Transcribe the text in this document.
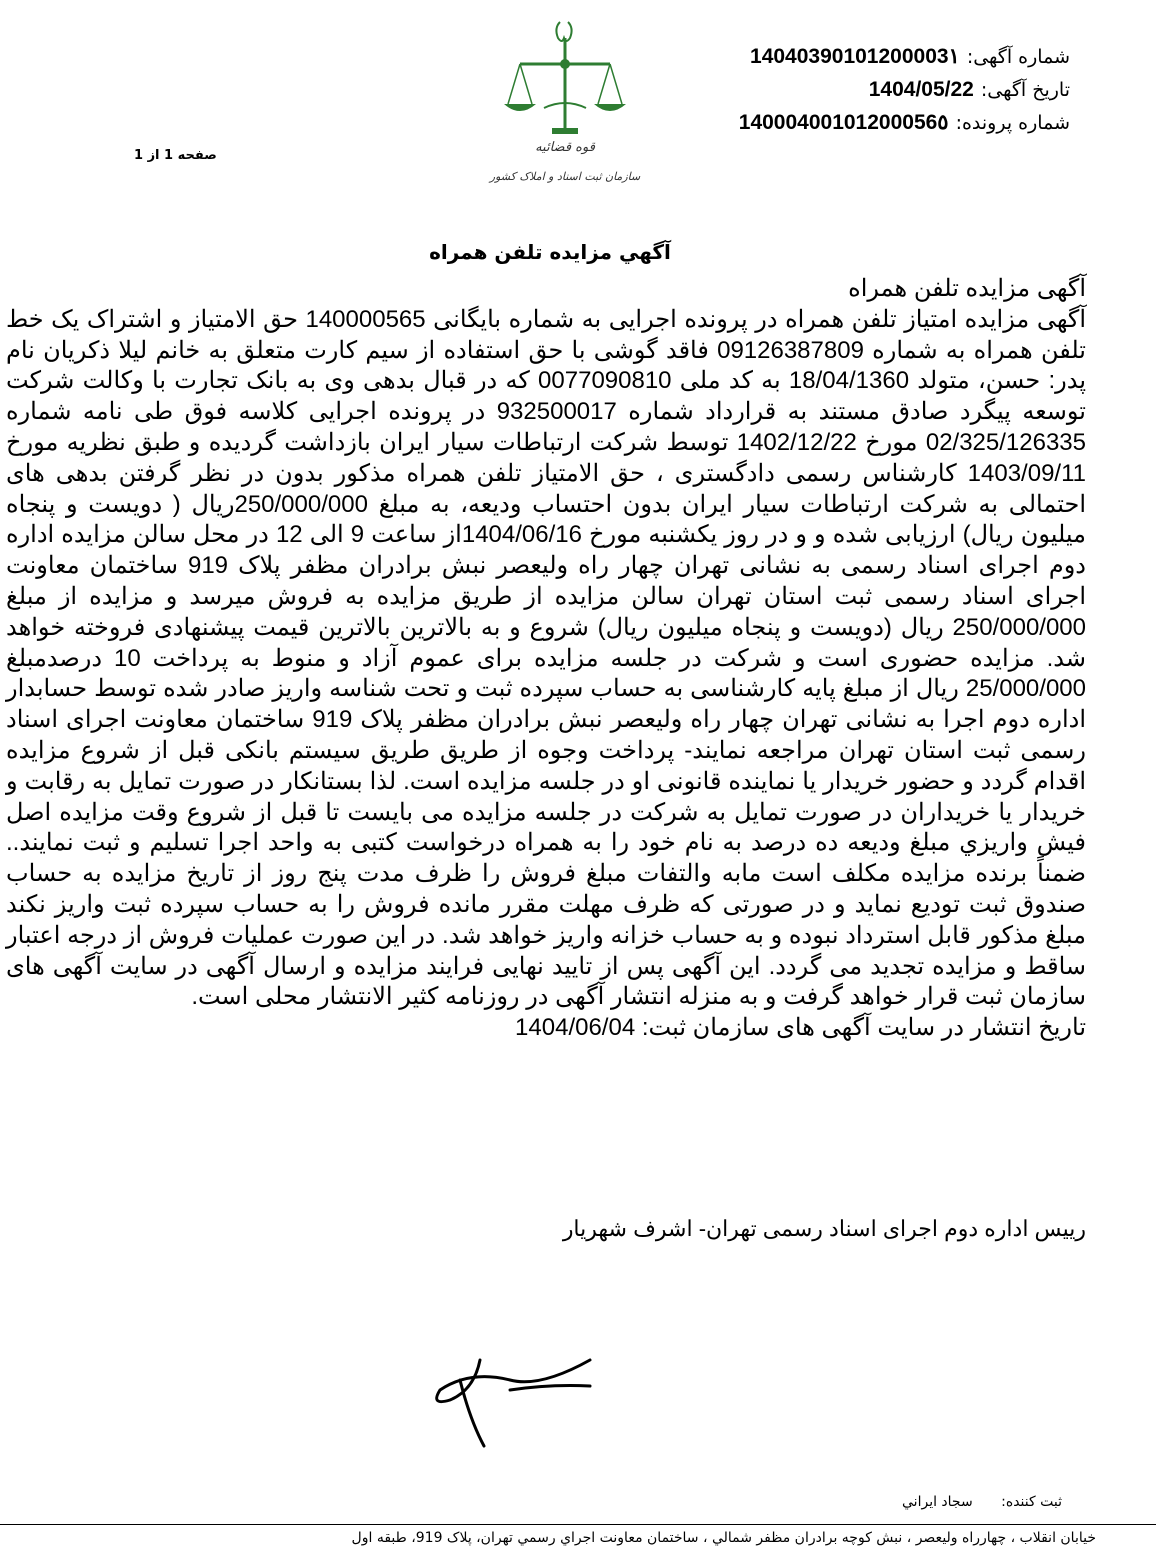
قوه قضائیه
سازمان ثبت اسناد و املاک کشور
شماره آگهی: 14040390101200003١
تاریخ آگهی: 1404/05/22
شماره پرونده: 14000400101200056٥
صفحه 1 از 1
آگهي مزايده تلفن همراه

آگهی مزایده تلفن همراه

آگهی مزایده امتیاز تلفن همراه در پرونده اجرایی به شماره بایگانی 140000565 حق الامتیاز و اشتراک یک خط تلفن همراه به شماره 09126387809 فاقد گوشی با حق استفاده از سیم کارت متعلق به خانم لیلا ذکریان نام پدر: حسن، متولد 18/04/1360 به کد ملی 0077090810 که در قبال بدهی وی به بانک تجارت با وکالت شرکت توسعه پیگرد صادق مستند به قرارداد شماره 932500017 در پرونده اجرایی کلاسه فوق طی نامه شماره 02/325/126335 مورخ 1402/12/22 توسط شرکت ارتباطات سیار ایران بازداشت گردیده و طبق نظریه مورخ 1403/09/11 کارشناس رسمی دادگستری ، حق الامتیاز تلفن همراه مذکور بدون در نظر گرفتن بدهی های احتمالی به شرکت ارتباطات سیار ایران بدون احتساب ودیعه، به مبلغ 250/000/000ریال ( دویست و پنجاه میلیون ریال) ارزیابی شده و و در روز یکشنبه مورخ 1404/06/16از ساعت 9 الی 12 در محل سالن مزایده اداره دوم اجرای اسناد رسمی به نشانی تهران چهار راه ولیعصر نبش برادران مظفر پلاک 919 ساختمان معاونت اجرای اسناد رسمی ثبت استان تهران سالن مزایده از طریق مزایده به فروش میرسد و مزایده از مبلغ 250/000/000 ریال (دویست و پنجاه میلیون ریال) شروع و به بالاترین بالاترین قیمت پیشنهادی فروخته خواهد شد. مزایده حضوری است و شرکت در جلسه مزایده برای عموم آزاد و منوط به پرداخت 10 درصدمبلغ 25/000/000 ریال از مبلغ پایه کارشناسی به حساب سپرده ثبت و تحت شناسه واریز صادر شده توسط حسابدار اداره دوم اجرا به نشانی تهران چهار راه ولیعصر نبش برادران مظفر پلاک 919 ساختمان معاونت اجرای اسناد رسمی ثبت استان تهران مراجعه نمایند- پرداخت وجوه از طریق طریق سیستم بانکی قبل از شروع مزایده اقدام گردد و حضور خریدار یا نماینده قانونی او در جلسه مزایده است. لذا بستانکار در صورت تمایل به رقابت و خریدار یا خریداران در صورت تمایل به شرکت در جلسه مزایده می بایست تا قبل از شروع وقت مزایده اصل فیش واریزي مبلغ ودیعه ده درصد به نام خود را به همراه درخواست کتبی به واحد اجرا تسلیم و ثبت نمایند.. ضمناً برنده مزایده مکلف است مابه والتفات مبلغ فروش را ظرف مدت پنج روز از تاریخ مزایده به حساب صندوق ثبت تودیع نماید و در صورتی که ظرف مهلت مقرر مانده فروش را به حساب سپرده ثبت واریز نکند مبلغ مذکور قابل استرداد نبوده و به حساب خزانه واریز خواهد شد. در این صورت عملیات فروش از درجه اعتبار ساقط و مزایده تجدید می گردد. این آگهی پس از تایید نهایی فرایند مزایده و ارسال آگهی در سایت آگهی های سازمان ثبت قرار خواهد گرفت و به منزله انتشار آگهی در روزنامه کثیر الانتشار محلی است.

تاریخ انتشار در سایت آگهی های سازمان ثبت: 1404/06/04

رییس اداره دوم اجرای اسناد رسمی تهران- اشرف شهریار
ثبت کننده: سجاد ایراني
خيابان انقلاب ، چهارراه وليعصر ، نبش كوچه برادران مظفر شمالي ، ساختمان معاونت اجراي رسمي تهران، پلاک 919، طبقه اول
